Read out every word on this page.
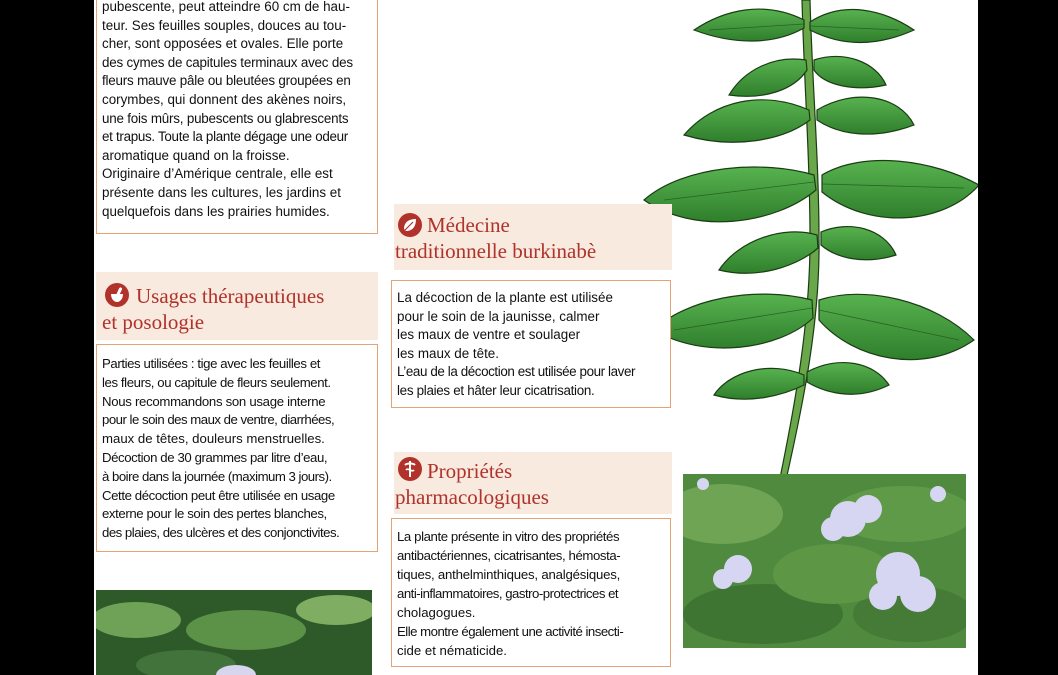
pubescente, peut atteindre 60 cm de hau-

teur. Ses feuilles souples, douces au tou-

cher, sont opposées et ovales. Elle porte

des cymes de capitules terminaux avec des

fleurs mauve pâle ou bleutées groupées en

corymbes, qui donnent des akènes noirs,

une fois mûrs, pubescents ou glabrescents

et trapus. Toute la plante dégage une odeur

aromatique quand on la froisse.

Originaire d’Amérique centrale, elle est

présente dans les cultures, les jardins et

quelquefois dans les prairies humides.

Usages thérapeutiques
et posologie

Parties utilisées : tige avec les feuilles et

les fleurs, ou capitule de fleurs seulement.

Nous recommandons son usage interne

pour le soin des maux de ventre, diarrhées,

maux de têtes, douleurs menstruelles.

Décoction de 30 grammes par litre d’eau,

à boire dans la journée (maximum 3 jours).

Cette décoction peut être utilisée en usage

externe pour le soin des pertes blanches,

des plaies, des ulcères et des conjonctivites.

Médecine
traditionnelle burkinabè

La décoction de la plante est utilisée

pour le soin de la jaunisse, calmer

les maux de ventre et soulager

les maux de tête.

L’eau de la décoction est utilisée pour laver

les plaies et hâter leur cicatrisation.

Propriétés
pharmacologiques

La plante présente in vitro des propriétés

antibactériennes, cicatrisantes, hémosta-

tiques, anthelminthiques, analgésiques,

anti-inflammatoires, gastro-protectrices et

cholagogues.

Elle montre également une activité insecti-

cide et nématicide.
